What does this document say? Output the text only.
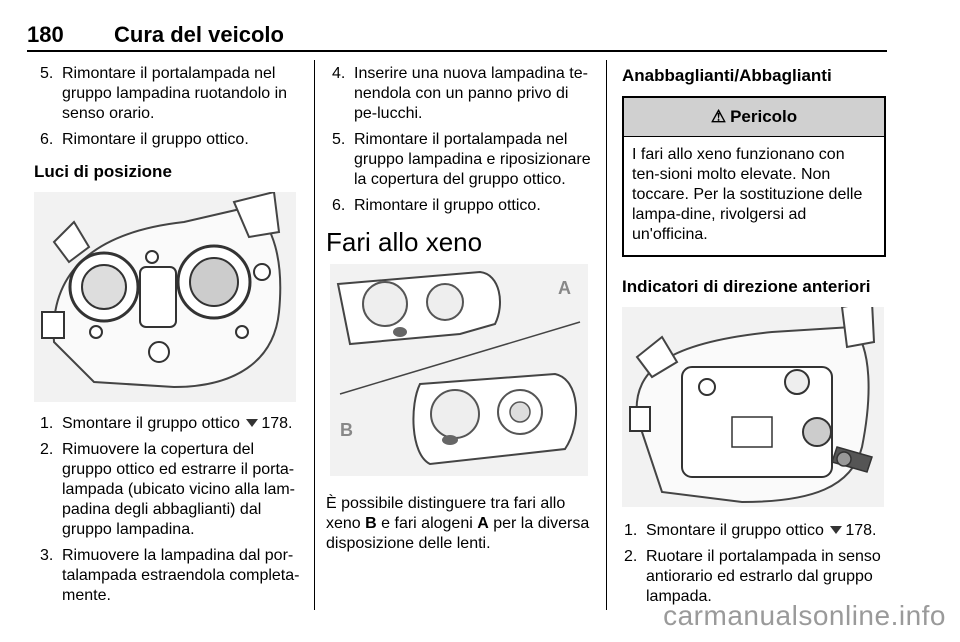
180 Cura del veicolo
5. Rimontare il portalampada nel gruppo lampadina ruotandolo in senso orario.
6. Rimontare il gruppo ottico.
Luci di posizione
1. Smontare il gruppo ottico 178.
2. Rimuovere la copertura del gruppo ottico ed estrarre il porta-lampada (ubicato vicino alla lam-padina degli abbaglianti) dal gruppo lampadina.
3. Rimuovere la lampadina dal por-talampada estraendola completa-mente.
4. Inserire una nuova lampadina te-nendola con un panno privo di pe-lucchi.
5. Rimontare il portalampada nel gruppo lampadina e riposizionare la copertura del gruppo ottico.
6. Rimontare il gruppo ottico.
Fari allo xeno
A
B

È possibile distinguere tra fari allo xeno B e fari alogeni A per la diversa disposizione delle lenti.

Anabbaglianti/Abbaglianti
⚠ Pericolo
I fari allo xeno funzionano con ten-sioni molto elevate. Non toccare. Per la sostituzione delle lampa-dine, rivolgersi ad un'officina.
Indicatori di direzione anteriori
1. Smontare il gruppo ottico 178.
2. Ruotare il portalampada in senso antiorario ed estrarlo dal gruppo lampada.
carmanualsonline.info
